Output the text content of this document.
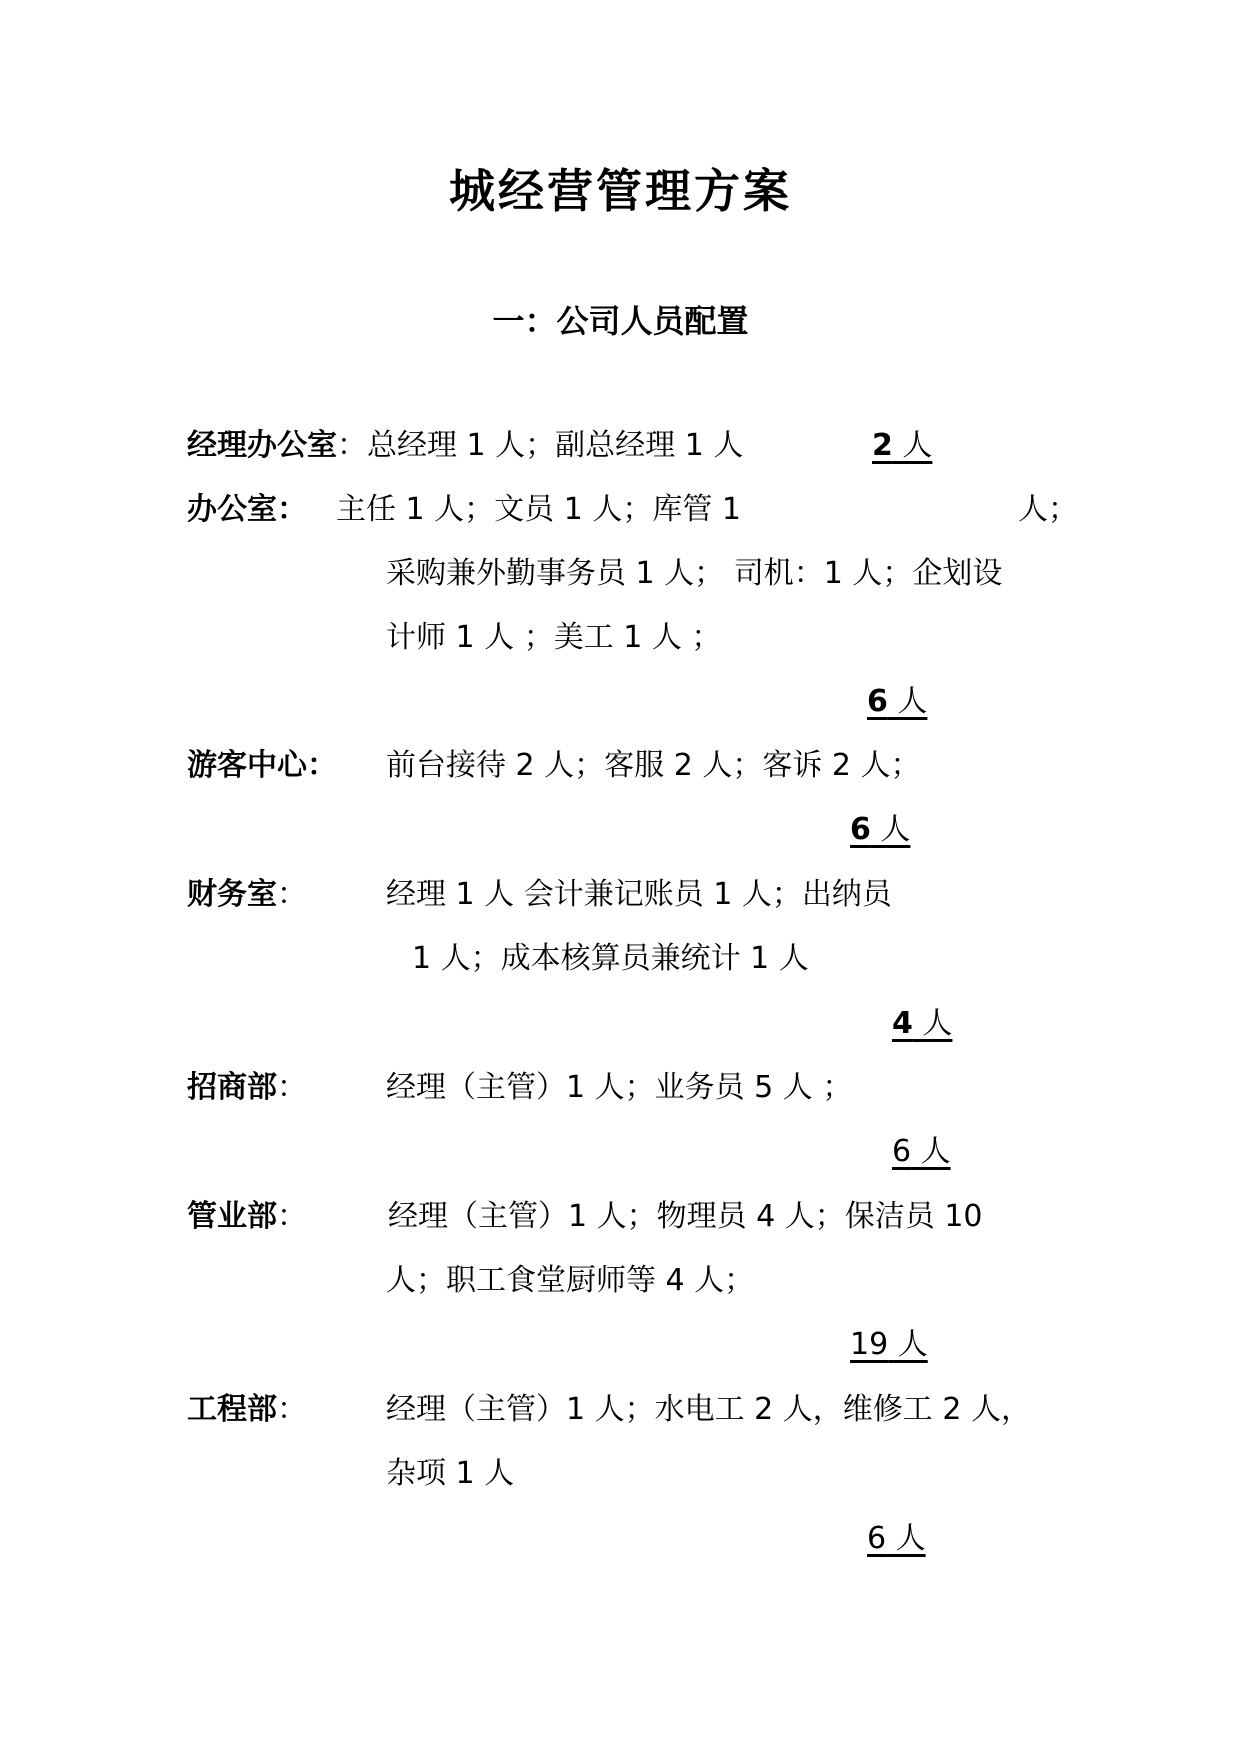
城经营管理方案
一：公司人员配置
经理办公室：总经理 1 人；副总经理 1 人	2 人
办公室： 主任 1 人；文员 1 人；库管 1	人；
采购兼外勤事务员 1 人； 司机：1 人；企划设
计师 1 人 ；美工 1 人 ；
6 人
游客中心： 前台接待 2 人；客服 2 人；客诉 2 人；
6 人
财务室：	经理 1 人 会计兼记账员 1 人；出纳员
1 人；成本核算员兼统计 1 人
4 人
招商部：	经理（主管）1 人；业务员 5 人 ；
6 人
管业部：	经理（主管）1 人；物理员 4 人；保洁员 10
人；职工食堂厨师等 4 人；
19 人
工程部：	经理（主管）1 人；水电工 2 人，维修工 2 人，
杂项 1 人
6 人
